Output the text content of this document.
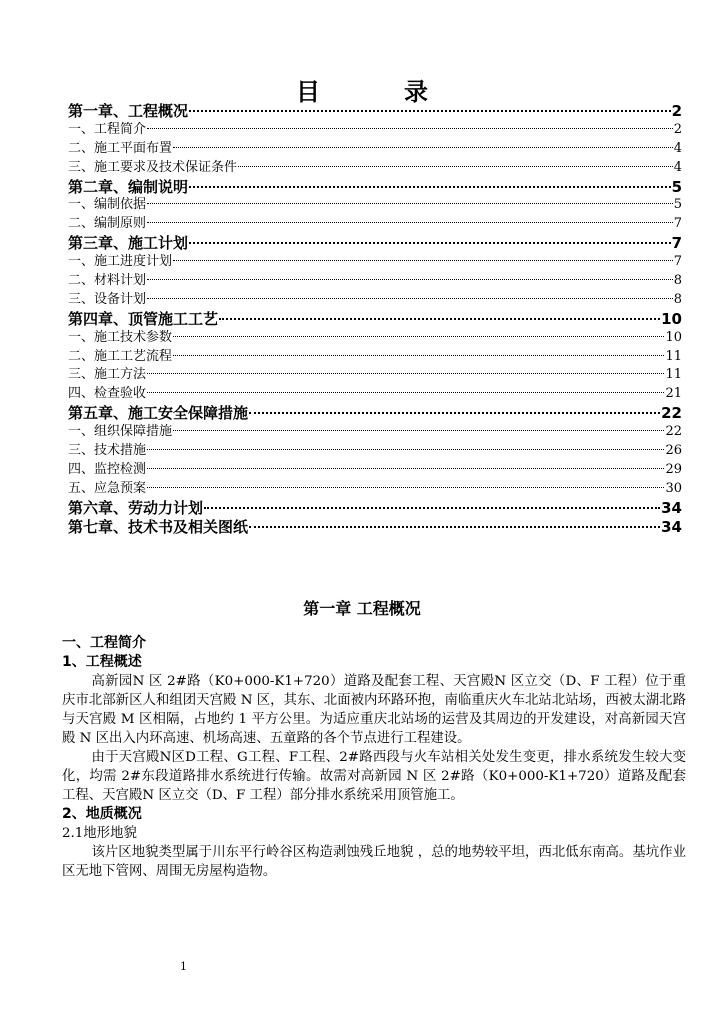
目　录
第一章、工程概况	2
一、工程简介	2
二、施工平面布置	4
三、施工要求及技术保证条件	4
第二章、编制说明	5
一、编制依据	5
二、编制原则	7
第三章、施工计划	7
一、施工进度计划	7
二、材料计划	8
三、设备计划	8
第四章、顶管施工工艺	10
一、施工技术参数	10
二、施工工艺流程	11
三、施工方法	11
四、检查验收	21
第五章、施工安全保障措施	22
一、组织保障措施	22
三、技术措施	26
四、监控检测	29
五、应急预案	30
第六章、劳动力计划	34
第七章、技术书及相关图纸	34
第一章 工程概况
一、工程简介
1、工程概述
高新园N 区 2#路（K0+000-K1+720）道路及配套工程、天宫殿N 区立交（D、F 工程）位于重庆市北部新区人和组团天宫殿 N 区，其东、北面被内环路环抱，南临重庆火车北站北站场，西被太湖北路与天宫殿 M 区相隔，占地约 1 平方公里。为适应重庆北站场的运营及其周边的开发建设，对高新园天宫殿 N 区出入内环高速、机场高速、五童路的各个节点进行工程建设。
由于天宫殿N区D工程、G工程、F工程、2#路西段与火车站相关处发生变更，排水系统发生较大变化，均需 2#东段道路排水系统进行传输。故需对高新园 N 区 2#路（K0+000-K1+720）道路及配套工程、天宫殿N 区立交（D、F 工程）部分排水系统采用顶管施工。
2、地质概况
2.1地形地貌
该片区地貌类型属于川东平行岭谷区构造剥蚀残丘地貌 ，总的地势较平坦，西北低东南高。基坑作业区无地下管网、周围无房屋构造物。
1
